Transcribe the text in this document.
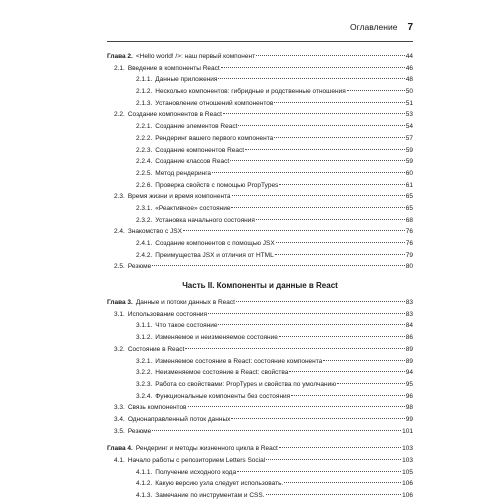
Оглавление 7
Глава 2. <Hello world! />: наш первый компонент	44
2.1. Введение в компоненты React	46
2.1.1. Данные приложения	48
2.1.2. Несколько компонентов: гибридные и родственные отношения	50
2.1.3. Установление отношений компонентов	51
2.2. Создание компонентов в React	53
2.2.1. Создание элементов React	54
2.2.2. Рендеринг вашего первого компонента	57
2.2.3. Создание компонентов React	59
2.2.4. Создание классов React	59
2.2.5. Метод рендеринга	60
2.2.6. Проверка свойств с помощью PropTypes	61
2.3. Время жизни и время компонента	65
2.3.1. «Реактивное» состояние	65
2.3.2. Установка начального состояния	68
2.4. Знакомство с JSX	76
2.4.1. Создание компонентов с помощью JSX	76
2.4.2. Преимущества JSX и отличия от HTML	79
2.5. Резюме	80
Часть II. Компоненты и данные в React
Глава 3. Данные и потоки данных в React	83
3.1. Использование состояния	83
3.1.1. Что такое состояние	84
3.1.2. Изменяемое и неизменяемое состояние	86
3.2. Состояние в React	89
3.2.1. Изменяемое состояние в React: состояние компонента	89
3.2.2. Неизменяемое состояние в React: свойства	94
3.2.3. Работа со свойствами: PropTypes и свойства по умолчанию	95
3.2.4. Функциональные компоненты без состояния	96
3.3. Связь компонентов	98
3.4. Однонаправленный поток данных	99
3.5. Резюме	101
Глава 4. Рендеринг и методы жизненного цикла в React	103
4.1. Начало работы с репозиторием Letters Social	103
4.1.1. Получение исходного кода	105
4.1.2. Какую версию узла следует использовать.	106
4.1.3. Замечание по инструментам и CSS.	106
